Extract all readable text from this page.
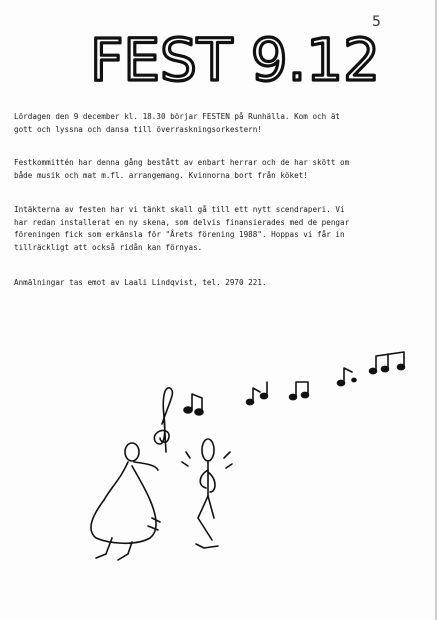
5
FEST 9.12

Lördagen den 9 december kl. 18.30 börjar FESTEN på Runhälla. Kom och ät
gott och lyssna och dansa till överraskningsorkestern!

Festkommittén har denna gång bestått av enbart herrar och de har skött om
både musik och mat m.fl. arrangemang. Kvinnorna bort från köket!

Intäkterna av festen har vi tänkt skall gå till ett nytt scendraperi. Vi
har redan installerat en ny skena, som delvis finansierades med de pengar
föreningen fick som erkänsla för "Årets förening 1988". Hoppas vi får in
tillräckligt att också ridån kan förnyas.

Anmälningar tas emot av Laali Lindqvist, tel. 2970 221.
